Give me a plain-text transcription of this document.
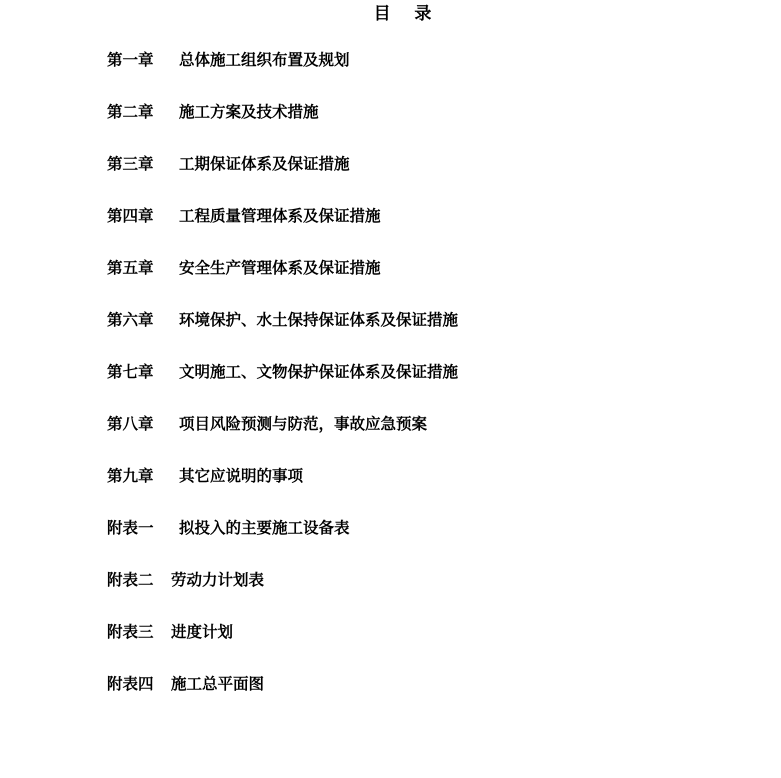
目    录
第一章 总体施工组织布置及规划
第二章 施工方案及技术措施
第三章 工期保证体系及保证措施
第四章 工程质量管理体系及保证措施
第五章 安全生产管理体系及保证措施
第六章 环境保护、水土保持保证体系及保证措施
第七章 文明施工、文物保护保证体系及保证措施
第八章 项目风险预测与防范，事故应急预案
第九章 其它应说明的事项
附表一 拟投入的主要施工设备表
附表二 劳动力计划表
附表三 进度计划
附表四 施工总平面图
